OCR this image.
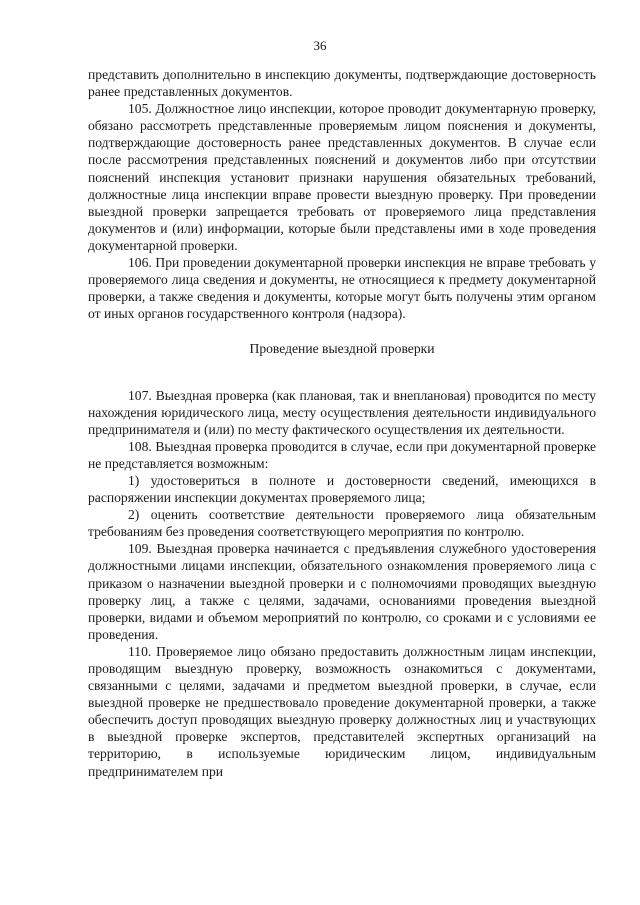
36

представить дополнительно в инспекцию документы, подтверждающие достоверность ранее представленных документов.

105. Должностное лицо инспекции, которое проводит документарную проверку, обязано рассмотреть представленные проверяемым лицом пояснения и документы, подтверждающие достоверность ранее представленных документов. В случае если после рассмотрения представленных пояснений и документов либо при отсутствии пояснений инспекция установит признаки нарушения обязательных требований, должностные лица инспекции вправе провести выездную проверку. При проведении выездной проверки запрещается требовать от проверяемого лица представления документов и (или) информации, которые были представлены ими в ходе проведения документарной проверки.

106. При проведении документарной проверки инспекция не вправе требовать у проверяемого лица сведения и документы, не относящиеся к предмету документарной проверки, а также сведения и документы, которые могут быть получены этим органом от иных органов государственного контроля (надзора).

Проведение выездной проверки

107. Выездная проверка (как плановая, так и внеплановая) проводится по месту нахождения юридического лица, месту осуществления деятельности индивидуального предпринимателя и (или) по месту фактического осуществления их деятельности.

108. Выездная проверка проводится в случае, если при документарной проверке не представляется возможным:

1) удостовериться в полноте и достоверности сведений, имеющихся в распоряжении инспекции документах проверяемого лица;

2) оценить соответствие деятельности проверяемого лица обязательным требованиям без проведения соответствующего мероприятия по контролю.

109. Выездная проверка начинается с предъявления служебного удостоверения должностными лицами инспекции, обязательного ознакомления проверяемого лица с приказом о назначении выездной проверки и с полномочиями проводящих выездную проверку лиц, а также с целями, задачами, основаниями проведения выездной проверки, видами и объемом мероприятий по контролю, со сроками и с условиями ее проведения.

110. Проверяемое лицо обязано предоставить должностным лицам инспекции, проводящим выездную проверку, возможность ознакомиться с документами, связанными с целями, задачами и предметом выездной проверки, в случае, если выездной проверке не предшествовало проведение документарной проверки, а также обеспечить доступ проводящих выездную проверку должностных лиц и участвующих в выездной проверке экспертов, представителей экспертных организаций на территорию, в используемые юридическим лицом, индивидуальным предпринимателем при
